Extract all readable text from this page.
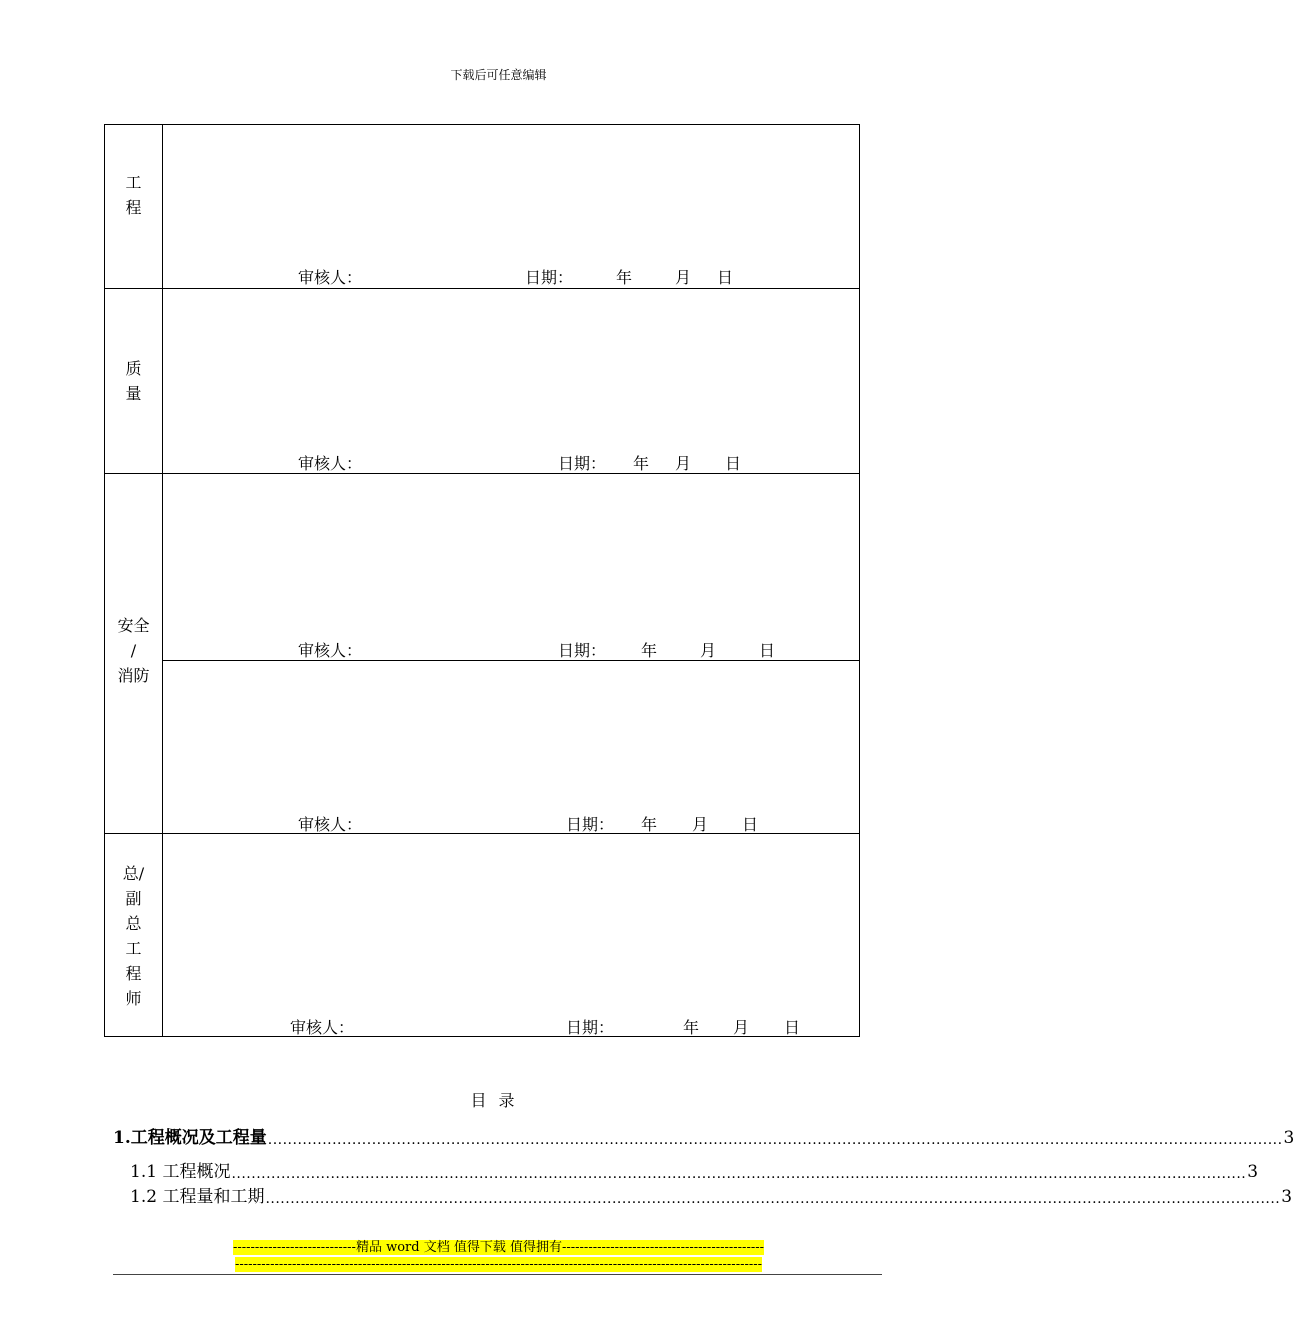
下载后可任意编辑
工
程
审核人：	日期：	年	月 日
质
量
审核人：	日期： 年 月 日
安全
/
消防
审核人：	日期： 年	月	日
审核人：	日期： 年 月 日
总/
副
总
工
程
师
审核人：	日期：	年 月 日
目录
1.工程概况及工程量 ............................................................................................................................................................................................................. 3
1.1 工程概况 ............................................................................................................................................................................................................. 3
1.2 工程量和工期 ............................................................................................................................................................................................................. 3
----------------------------精品 word 文档 值得下载 值得拥有----------------------------------------------
------------------------------------------------------------------------------------------------------------------------
